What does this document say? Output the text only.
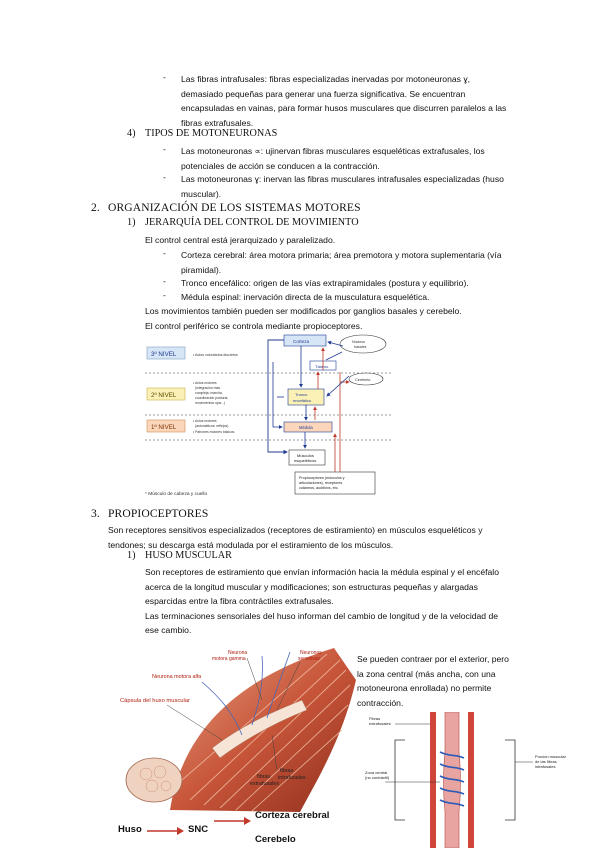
- Las fibras intrafusales: fibras especializadas inervadas por motoneuronas ɣ,
demasiado pequeñas para generar una fuerza significativa. Se encuentran
encapsuladas en vainas, para formar husos musculares que discurren paralelos a las
fibras extrafusales.
4) TIPOS DE MOTONEURONAS
- Las motoneuronas ∝: ujinervan fibras musculares esqueléticas extrafusales, los
potenciales de acción se conducen a la contracción.
- Las motoneuronas ɣ: inervan las fibras musculares intrafusales especializadas (huso
muscular).
2. ORGANIZACIÓN DE LOS SISTEMAS MOTORES
1) JERARQUÍA DEL CONTROL DE MOVIMIENTO
El control central está jerarquizado y paralelizado.
- Corteza cerebral: área motora primaria; área premotora y motora suplementaria (vía
piramidal).
- Tronco encefálico: origen de las vías extrapiramidales (postura y equilibrio).
- Médula espinal: inervación directa de la musculatura esquelética.
Los movimientos también pueden ser modificados por ganglios basales y cerebelo.
El control periférico se controla mediante propioceptores.
3º NIVEL
2º NIVEL
1º NIVEL
• Actos voluntarios discretos
• Actos motores
(integración más
compleja: marcha,
coordinación postural,
movimientos ojos...)
• Actos motores
(automáticos: reflejos)
• Patrones motores básicos
Corteza
Tálamo
Tronco
encefálico
Médula
Músculos
esqueléticos
Núcleos
basales
Cerebelo
Propioceptores (músculos y
articulaciones), receptores
cutáneos, auditivos, etc.
* Músculo de cabeza y cuello
3. PROPIOCEPTORES
Son receptores sensitivos especializados (receptores de estiramiento) en músculos esqueléticos y
tendones; su descarga está modulada por el estiramiento de los músculos.
1) HUSO MUSCULAR
Son receptores de estiramiento que envían información hacia la médula espinal y el encéfalo
acerca de la longitud muscular y modificaciones; son estructuras pequeñas y alargadas
esparcidas entre la fibra contráctiles extrafusales.
Las terminaciones sensoriales del huso informan del cambio de longitud y de la velocidad de
ese cambio.
Se pueden contraer por el exterior, pero
la zona central (más ancha, con una
motoneurona enrollada) no permite
contracción.
Neurona
motora gamma
Neuronas
sensitivas
Neurona motora alfa
Cápsula del huso muscular
fibras
extrafusales
fibras
intrafusales
Huso	SNC
Corteza cerebral
Cerebelo
Fibras
extrafusales
Zona central
(no contráctil)
Porción muscular
de las fibras
intrafusales
